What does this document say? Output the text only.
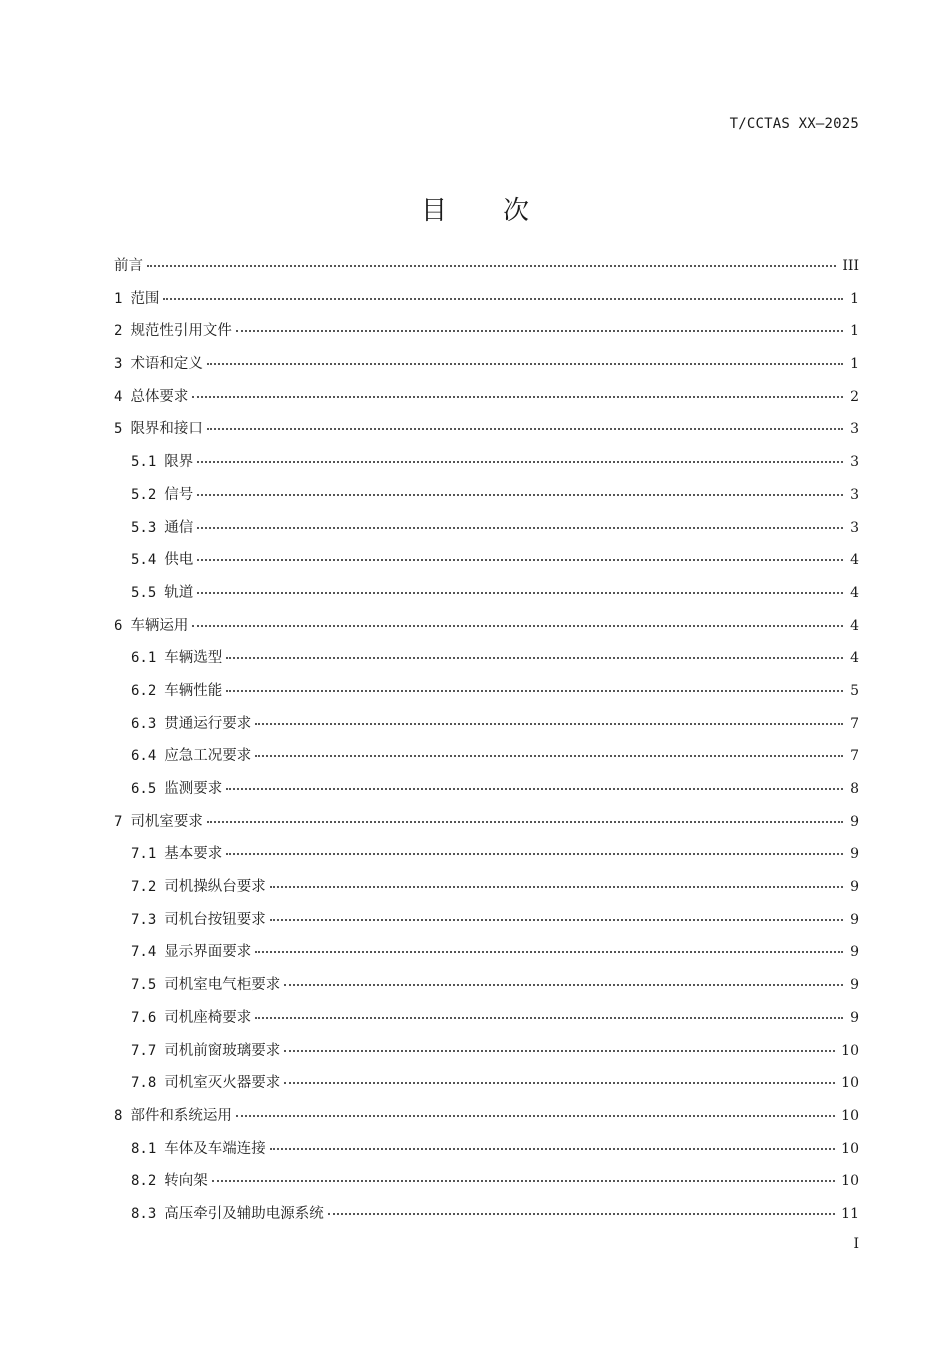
T/CCTAS XX—2025
目次
前言	III
1 范围	1
2 规范性引用文件	1
3 术语和定义	1
4 总体要求	2
5 限界和接口	3
5.1 限界	3
5.2 信号	3
5.3 通信	3
5.4 供电	4
5.5 轨道	4
6 车辆运用	4
6.1 车辆选型	4
6.2 车辆性能	5
6.3 贯通运行要求	7
6.4 应急工况要求	7
6.5 监测要求	8
7 司机室要求	9
7.1 基本要求	9
7.2 司机操纵台要求	9
7.3 司机台按钮要求	9
7.4 显示界面要求	9
7.5 司机室电气柜要求	9
7.6 司机座椅要求	9
7.7 司机前窗玻璃要求	10
7.8 司机室灭火器要求	10
8 部件和系统运用	10
8.1 车体及车端连接	10
8.2 转向架	10
8.3 高压牵引及辅助电源系统	11
I
